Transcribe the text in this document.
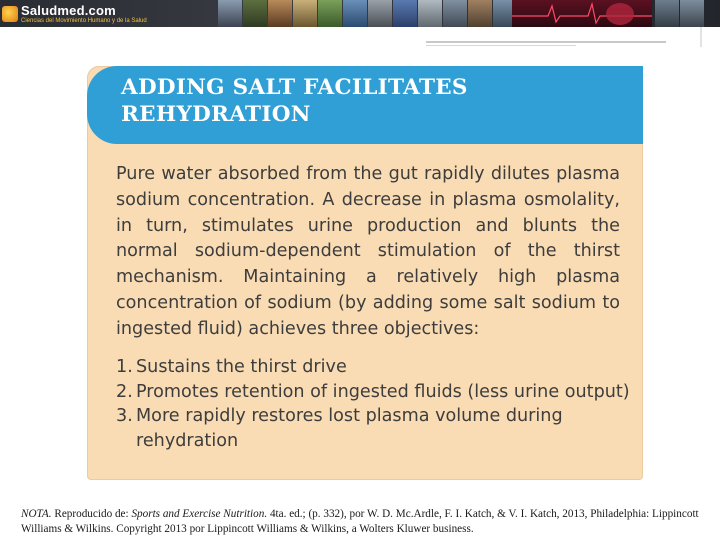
Saludmed.com
Ciencias del Movimiento Humano y de la Salud
ADDING SALT FACILITATES
REHYDRATION
Pure water absorbed from the gut rapidly dilutes plasma sodium concentration. A decrease in plasma osmolality, in turn, stimulates urine production and blunts the normal sodium-dependent stimulation of the thirst mechanism. Maintaining a relatively high plasma concentration of sodium (by adding some salt sodium to ingested fluid) achieves three objectives:
1. Sustains the thirst drive
2. Promotes retention of ingested fluids (less urine output)
3. More rapidly restores lost plasma volume during rehydration
NOTA. Reproducido de: Sports and Exercise Nutrition. 4ta. ed.; (p. 332), por W. D. Mc.Ardle, F. I. Katch, & V. I. Katch, 2013, Philadelphia: Lippincott Williams & Wilkins. Copyright 2013 por Lippincott Williams & Wilkins, a Wolters Kluwer business.
